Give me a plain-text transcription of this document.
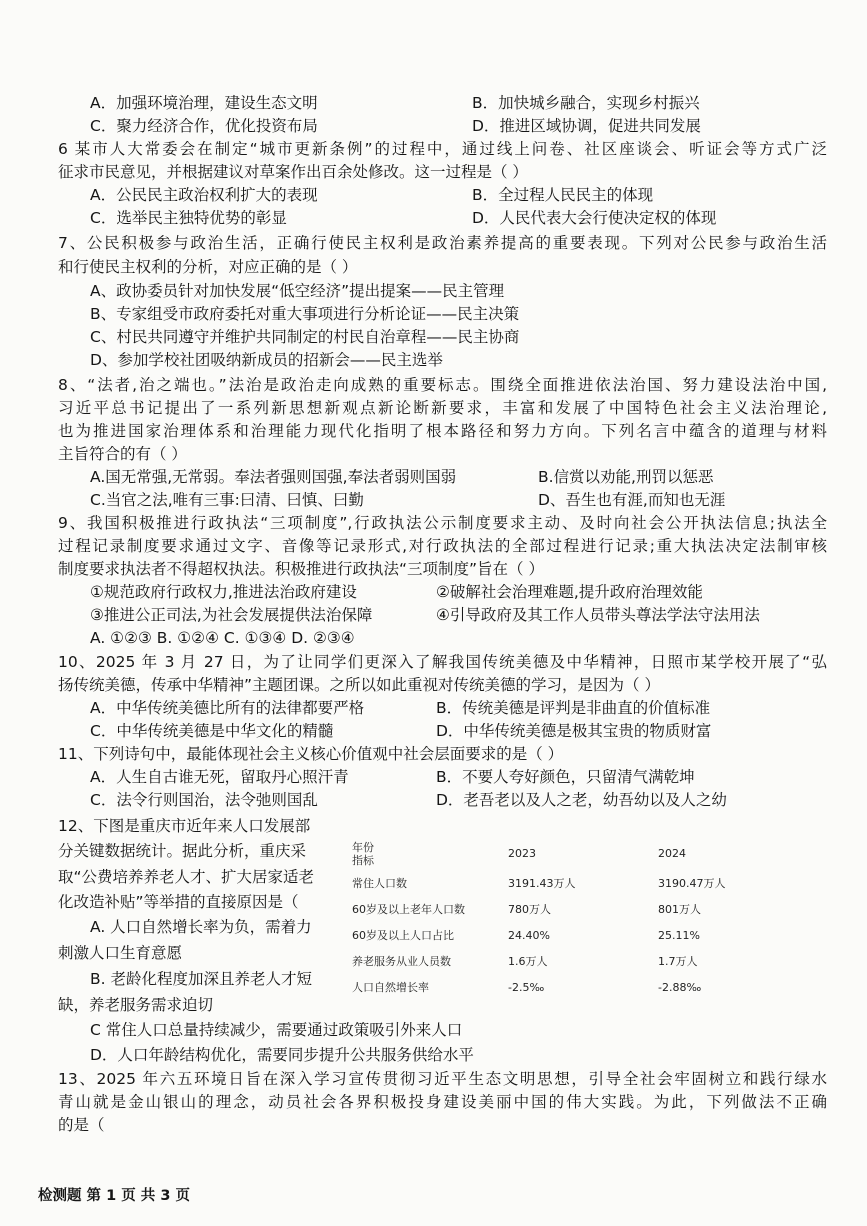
A．加强环境治理，建设生态文明	B．加快城乡融合，实现乡村振兴
C．聚力经济合作，优化投资布局	D．推进区域协调，促进共同发展
6 某市人大常委会在制定“城市更新条例”的过程中，通过线上问卷、社区座谈会、听证会等方式广泛
征求市民意见，并根据建议对草案作出百余处修改。这一过程是（ ）
A．公民民主政治权利扩大的表现	B．全过程人民民主的体现
C．选举民主独特优势的彰显	D．人民代表大会行使决定权的体现
7、公民积极参与政治生活，正确行使民主权利是政治素养提高的重要表现。下列对公民参与政治生活
和行使民主权利的分析，对应正确的是（ ）
A、政协委员针对加快发展“低空经济”提出提案——民主管理
B、专家组受市政府委托对重大事项进行分析论证——民主决策
C、村民共同遵守并维护共同制定的村民自治章程——民主协商
D、参加学校社团吸纳新成员的招新会——民主选举
8、“法者,治之端也。”法治是政治走向成熟的重要标志。围绕全面推进依法治国、努力建设法治中国,
习近平总书记提出了一系列新思想新观点新论断新要求，丰富和发展了中国特色社会主义法治理论,
也为推进国家治理体系和治理能力现代化指明了根本路径和努力方向。下列名言中蕴含的道理与材料
主旨符合的有（ ）
A.国无常强,无常弱。奉法者强则国强,奉法者弱则国弱	B.信赏以劝能,刑罚以惩恶
C.当官之法,唯有三事:曰清、曰慎、曰勤	D、吾生也有涯,而知也无涯
9、我国积极推进行政执法“三项制度”,行政执法公示制度要求主动、及时向社会公开执法信息;执法全
过程记录制度要求通过文字、音像等记录形式,对行政执法的全部过程进行记录;重大执法决定法制审核
制度要求执法者不得超权执法。积极推进行政执法“三项制度”旨在（ ）
①规范政府行政权力,推进法治政府建设	②破解社会治理难题,提升政府治理效能
③推进公正司法,为社会发展提供法治保障	④引导政府及其工作人员带头尊法学法守法用法
A. ①②③ B. ①②④ C. ①③④ D. ②③④
10、2025 年 3 月 27 日，为了让同学们更深入了解我国传统美德及中华精神，日照市某学校开展了“弘
扬传统美德，传承中华精神”主题团课。之所以如此重视对传统美德的学习，是因为（ ）
A．中华传统美德比所有的法律都要严格	B．传统美德是评判是非曲直的价值标准
C．中华传统美德是中华文化的精髓	D．中华传统美德是极其宝贵的物质财富
11、下列诗句中，最能体现社会主义核心价值观中社会层面要求的是（ ）
A．人生自古谁无死，留取丹心照汗青	B．不要人夸好颜色，只留清气满乾坤
C．法令行则国治，法令弛则国乱	D．老吾老以及人之老，幼吾幼以及人之幼
12、下图是重庆市近年来人口发展部
分关键数据统计。据此分析，重庆采
取“公费培养养老人才、扩大居家适老
化改造补贴”等举措的直接原因是（
A. 人口自然增长率为负，需着力
刺激人口生育意愿
B. 老龄化程度加深且养老人才短
缺，养老服务需求迫切
C 常住人口总量持续减少，需要通过政策吸引外来人口
D．人口年龄结构优化，需要同步提升公共服务供给水平
年份
指标	2023	2024
常住人口数	3191.43万人	3190.47万人
60岁及以上老年人口数	780万人	801万人
60岁及以上人口占比	24.40%	25.11%
养老服务从业人员数	1.6万人	1.7万人
人口自然增长率	-2.5‰	-2.88‰
13、2025 年六五环境日旨在深入学习宣传贯彻习近平生态文明思想，引导全社会牢固树立和践行绿水
青山就是金山银山的理念，动员社会各界积极投身建设美丽中国的伟大实践。为此，下列做法不正确
的是（
检测题 第 1 页 共 3 页
